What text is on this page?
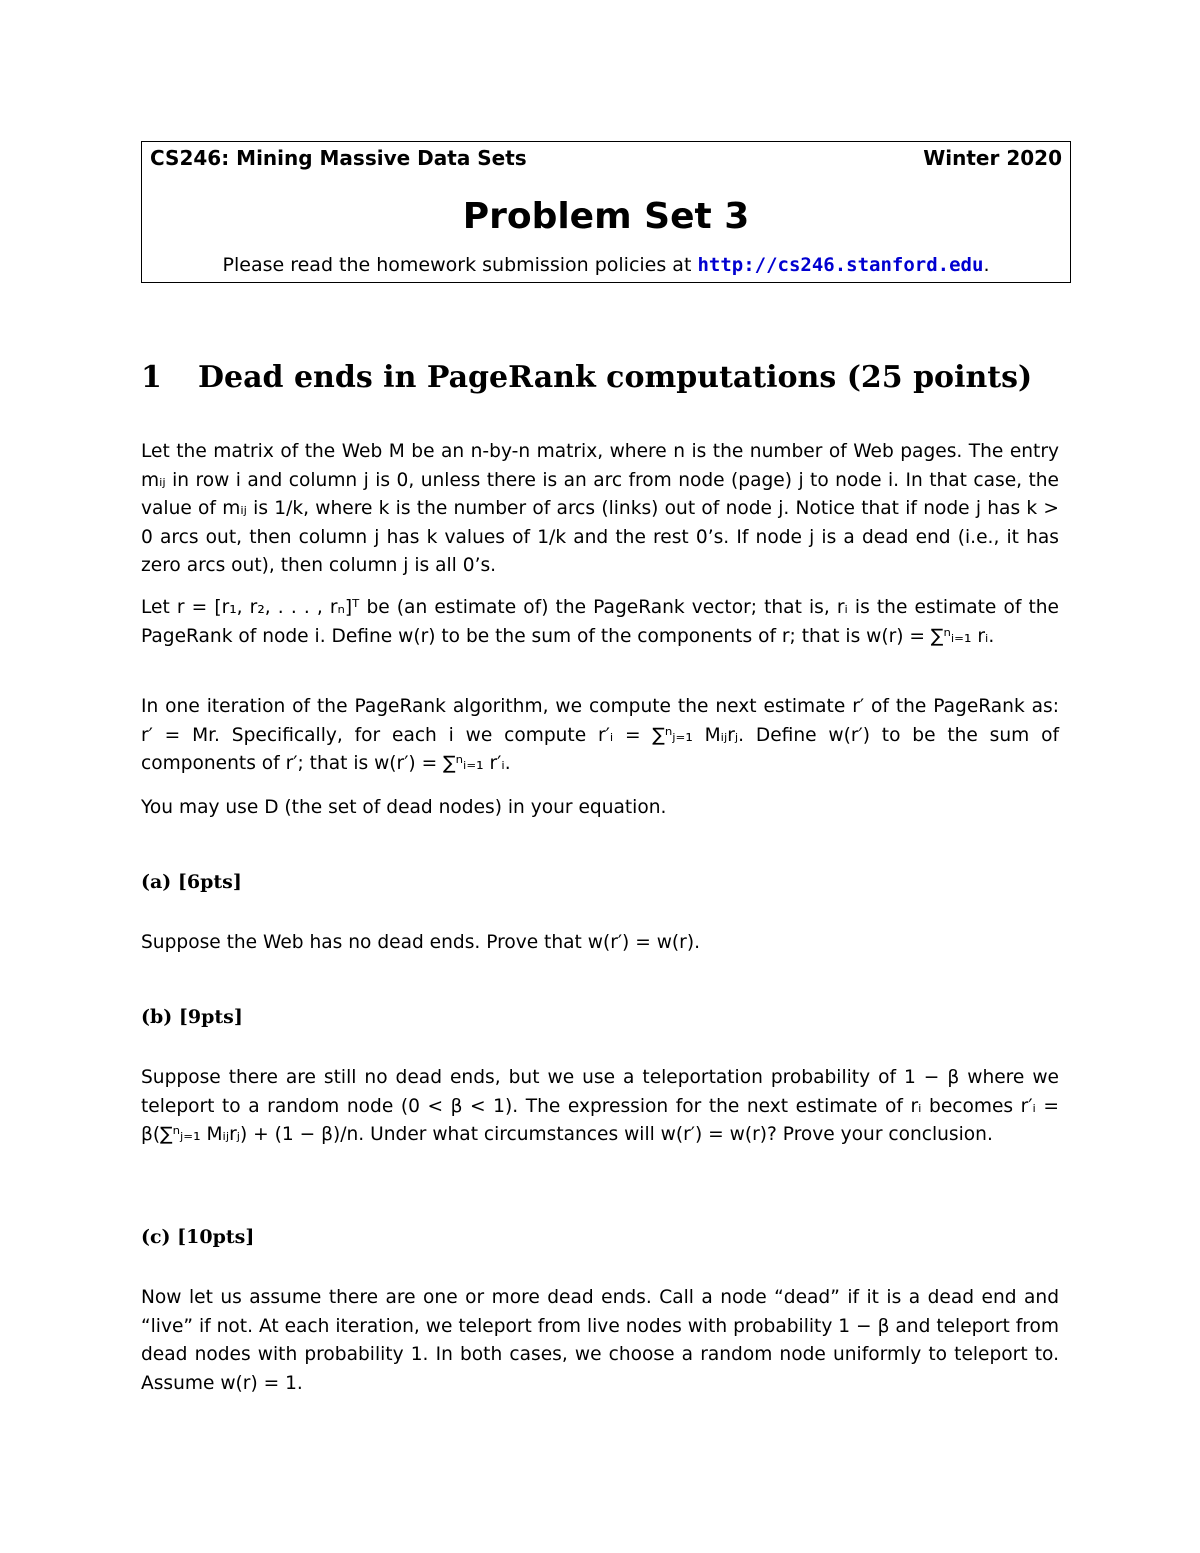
CS246: Mining Massive Data Sets	Winter 2020
Problem Set 3
Please read the homework submission policies at http://cs246.stanford.edu.
1 Dead ends in PageRank computations (25 points)
Let the matrix of the Web M be an n-by-n matrix, where n is the number of Web pages. The entry mᵢⱼ in row i and column j is 0, unless there is an arc from node (page) j to node i. In that case, the value of mᵢⱼ is 1/k, where k is the number of arcs (links) out of node j. Notice that if node j has k > 0 arcs out, then column j has k values of 1/k and the rest 0’s. If node j is a dead end (i.e., it has zero arcs out), then column j is all 0’s.
Let r = [r₁, r₂, . . . , rₙ]ᵀ be (an estimate of) the PageRank vector; that is, rᵢ is the estimate of the PageRank of node i. Define w(r) to be the sum of the components of r; that is w(r) = ∑ⁿᵢ₌₁ rᵢ.
In one iteration of the PageRank algorithm, we compute the next estimate r′ of the PageRank as: r′ = Mr. Specifically, for each i we compute r′ᵢ = ∑ⁿⱼ₌₁ Mᵢⱼrⱼ. Define w(r′) to be the sum of components of r′; that is w(r′) = ∑ⁿᵢ₌₁ r′ᵢ.
You may use D (the set of dead nodes) in your equation.
(a) [6pts]
Suppose the Web has no dead ends. Prove that w(r′) = w(r).
(b) [9pts]
Suppose there are still no dead ends, but we use a teleportation probability of 1 − β where we teleport to a random node (0 < β < 1). The expression for the next estimate of rᵢ becomes r′ᵢ = β(∑ⁿⱼ₌₁ Mᵢⱼrⱼ) + (1 − β)/n. Under what circumstances will w(r′) = w(r)? Prove your conclusion.
(c) [10pts]
Now let us assume there are one or more dead ends. Call a node “dead” if it is a dead end and “live” if not. At each iteration, we teleport from live nodes with probability 1 − β and teleport from dead nodes with probability 1. In both cases, we choose a random node uniformly to teleport to. Assume w(r) = 1.
